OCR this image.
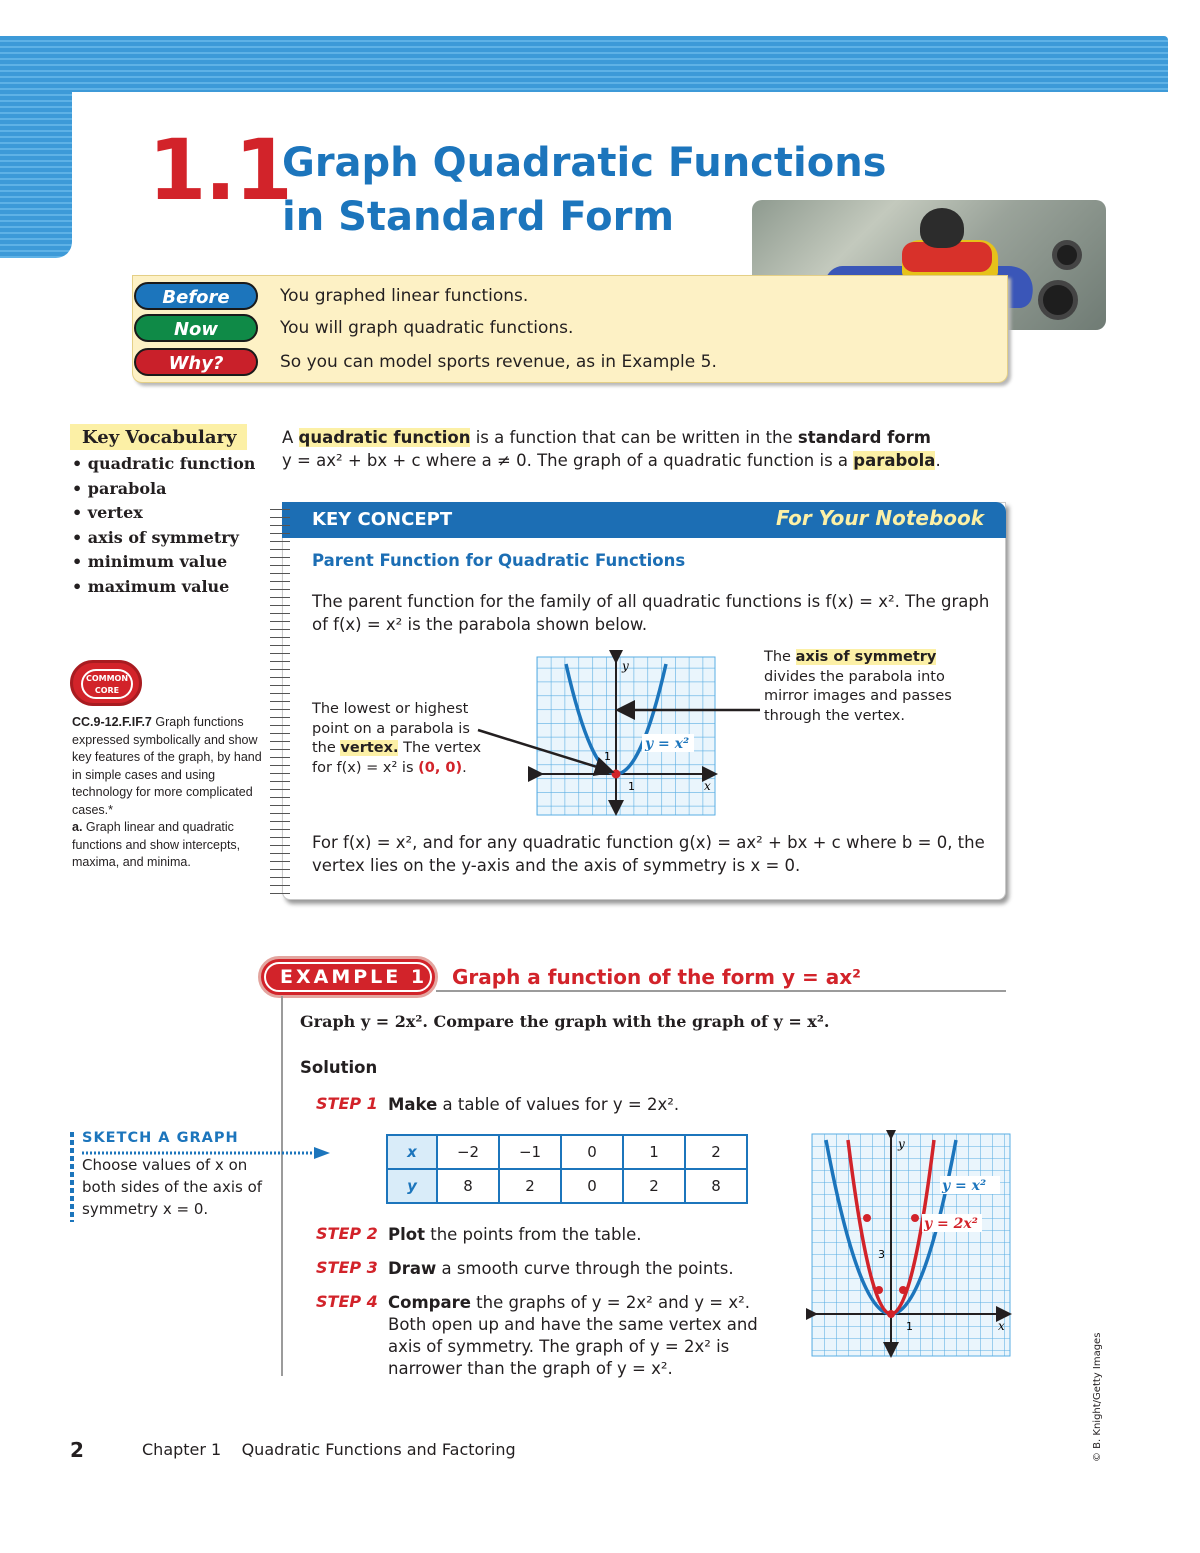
1.1
Graph Quadratic Functions
in Standard Form
Before	You graphed linear functions.
Now	You will graph quadratic functions.
Why?	So you can model sports revenue, as in Example 5.
Key Vocabulary
• quadratic function
• parabola
• vertex
• axis of symmetry
• minimum value
• maximum value
COMMON CORE
CC.9-12.F.IF.7 Graph functions expressed symbolically and show key features of the graph, by hand in simple cases and using technology for more complicated cases.*
a. Graph linear and quadratic functions and show intercepts, maxima, and minima.
A quadratic function is a function that can be written in the standard form
y = ax² + bx + c where a ≠ 0. The graph of a quadratic function is a parabola.
KEY CONCEPT	For Your Notebook
Parent Function for Quadratic Functions
The parent function for the family of all quadratic functions is f(x) = x². The graph of f(x) = x² is the parabola shown below.
The lowest or highest point on a parabola is the vertex. The vertex for f(x) = x² is (0, 0).
The axis of symmetry divides the parabola into mirror images and passes through the vertex.
y
x
1
1
y = x²
For f(x) = x², and for any quadratic function g(x) = ax² + bx + c where b = 0, the vertex lies on the y-axis and the axis of symmetry is x = 0.
EXAMPLE 1 Graph a function of the form y = ax²
Graph y = 2x². Compare the graph with the graph of y = x².
Solution
STEP 1 Make a table of values for y = 2x².
x	−2	−1	0	1	2
y	8	2	0	2	8
STEP 2 Plot the points from the table.
STEP 3 Draw a smooth curve through the points.
STEP 4 Compare the graphs of y = 2x² and y = x². Both open up and have the same vertex and axis of symmetry. The graph of y = 2x² is narrower than the graph of y = x².
y = x²
y = 2x²
y
x
3
1
SKETCH A GRAPH
Choose values of x on both sides of the axis of symmetry x = 0.
2	Chapter 1    Quadratic Functions and Factoring	© B. Knight/Getty Images
